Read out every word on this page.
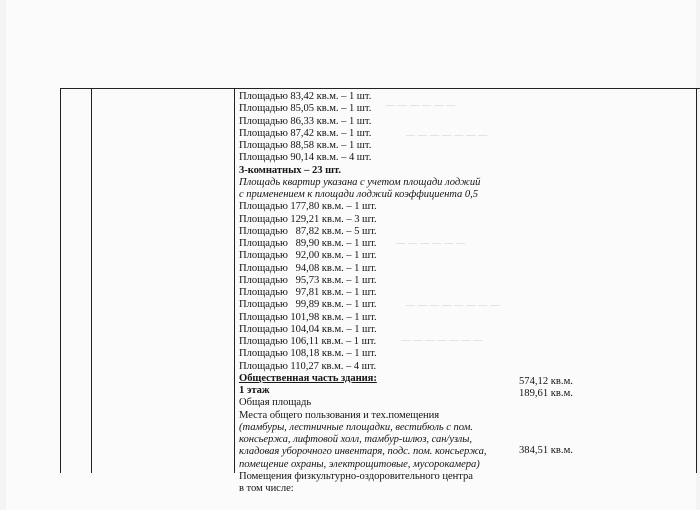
— — — — — —
— — — — — — —
— — — — — —
— — — — — — — —
— — — — — — —
Площадью 83,42 кв.м. – 1 шт.
Площадью 85,05 кв.м. – 1 шт.
Площадью 86,33 кв.м. – 1 шт.
Площадью 87,42 кв.м. – 1 шт.
Площадью 88,58 кв.м. – 1 шт.
Площадью 90,14 кв.м. – 4 шт.
3-комнатных – 23 шт.
Площадь квартир указана с учетом площади лоджий
с применением к площади лоджий коэффициента 0,5
Площадью 177,80 кв.м. – 1 шт.
Площадью 129,21 кв.м. – 3 шт.
Площадью   87,82 кв.м. – 5 шт.
Площадью   89,90 кв.м. – 1 шт.
Площадью   92,00 кв.м. – 1 шт.
Площадью   94,08 кв.м. – 1 шт.
Площадью   95,73 кв.м. – 1 шт.
Площадью   97,81 кв.м. – 1 шт.
Площадью   99,89 кв.м. – 1 шт.
Площадью 101,98 кв.м. – 1 шт.
Площадью 104,04 кв.м. – 1 шт.
Площадью 106,11 кв.м. – 1 шт.
Площадью 108,18 кв.м. – 1 шт.
Площадью 110,27 кв.м. – 4 шт.
Общественная часть здания:
1 этаж
Общая площадь
Места общего пользования и тех.помещения
(тамбуры, лестничные площадки, вестибюль с пом.
консьержа, лифтовой холл, тамбур-шлюз, сан/узлы,
кладовая уборочного инвентаря, подс. пом. консьержа,
помещение охраны, электрощитовые, мусорокамера)
Помещения физкультурно-оздоровительного центра
в том числе:
574,12 кв.м.
189,61 кв.м.
384,51 кв.м.
